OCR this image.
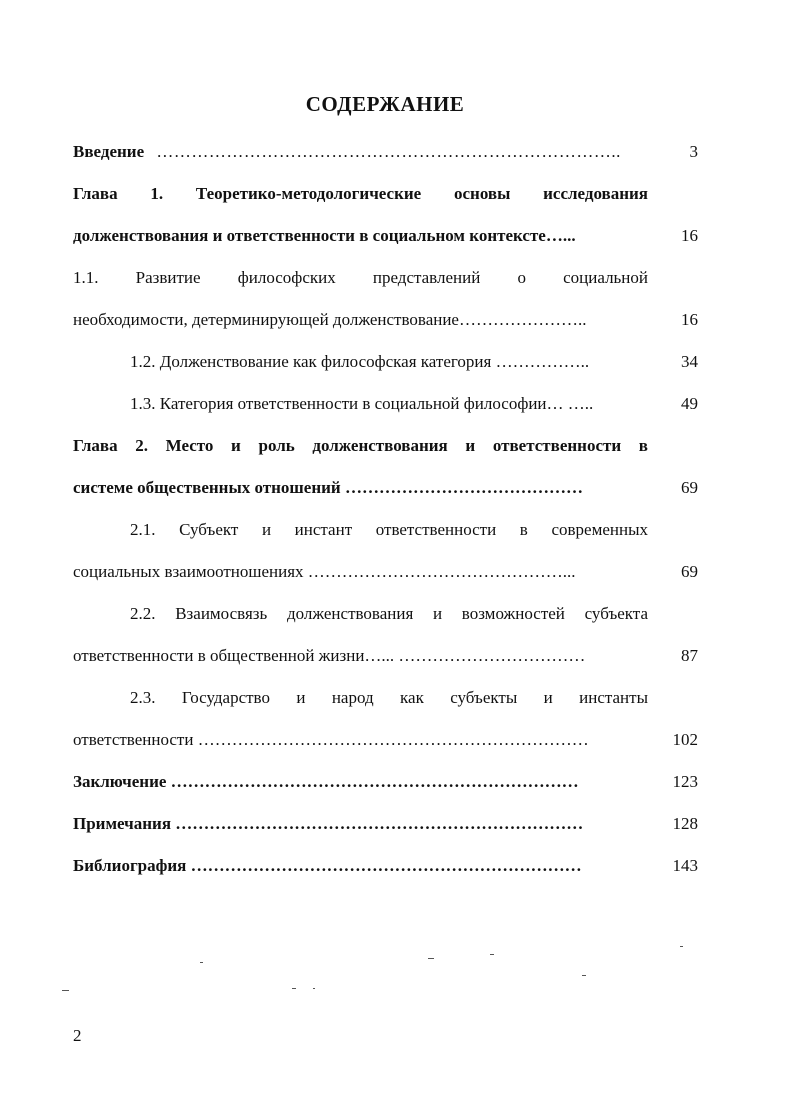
СОДЕРЖАНИЕ
Введение ……………………………………………………………………..	3
Глава 1. Теоретико-методологические основы исследования
долженствования и ответственности в социальном контексте…...	16
1.1. Развитие философских представлений о социальной
необходимости, детерминирующей долженствование…………………..	16
1.2. Долженствование как философская категория ……………..	34
1.3. Категория ответственности в социальной философии… …..	49
Глава 2. Место и роль долженствования и ответственности в
системе общественных отношений ……………………………………	69
2.1. Субъект и инстант ответственности в современных
социальных взаимоотношениях ………………………………………...	69
2.2. Взаимосвязь долженствования и возможностей субъекта
ответственности в общественной жизни…... ……………………………	87
2.3. Государство и народ как субъекты и инстанты
ответственности ……………………………………………………………	102
Заключение ………………………………………………………………	123
Примечания ………………………………………………………………	128
Библиография ……………………………………………………………	143
2
